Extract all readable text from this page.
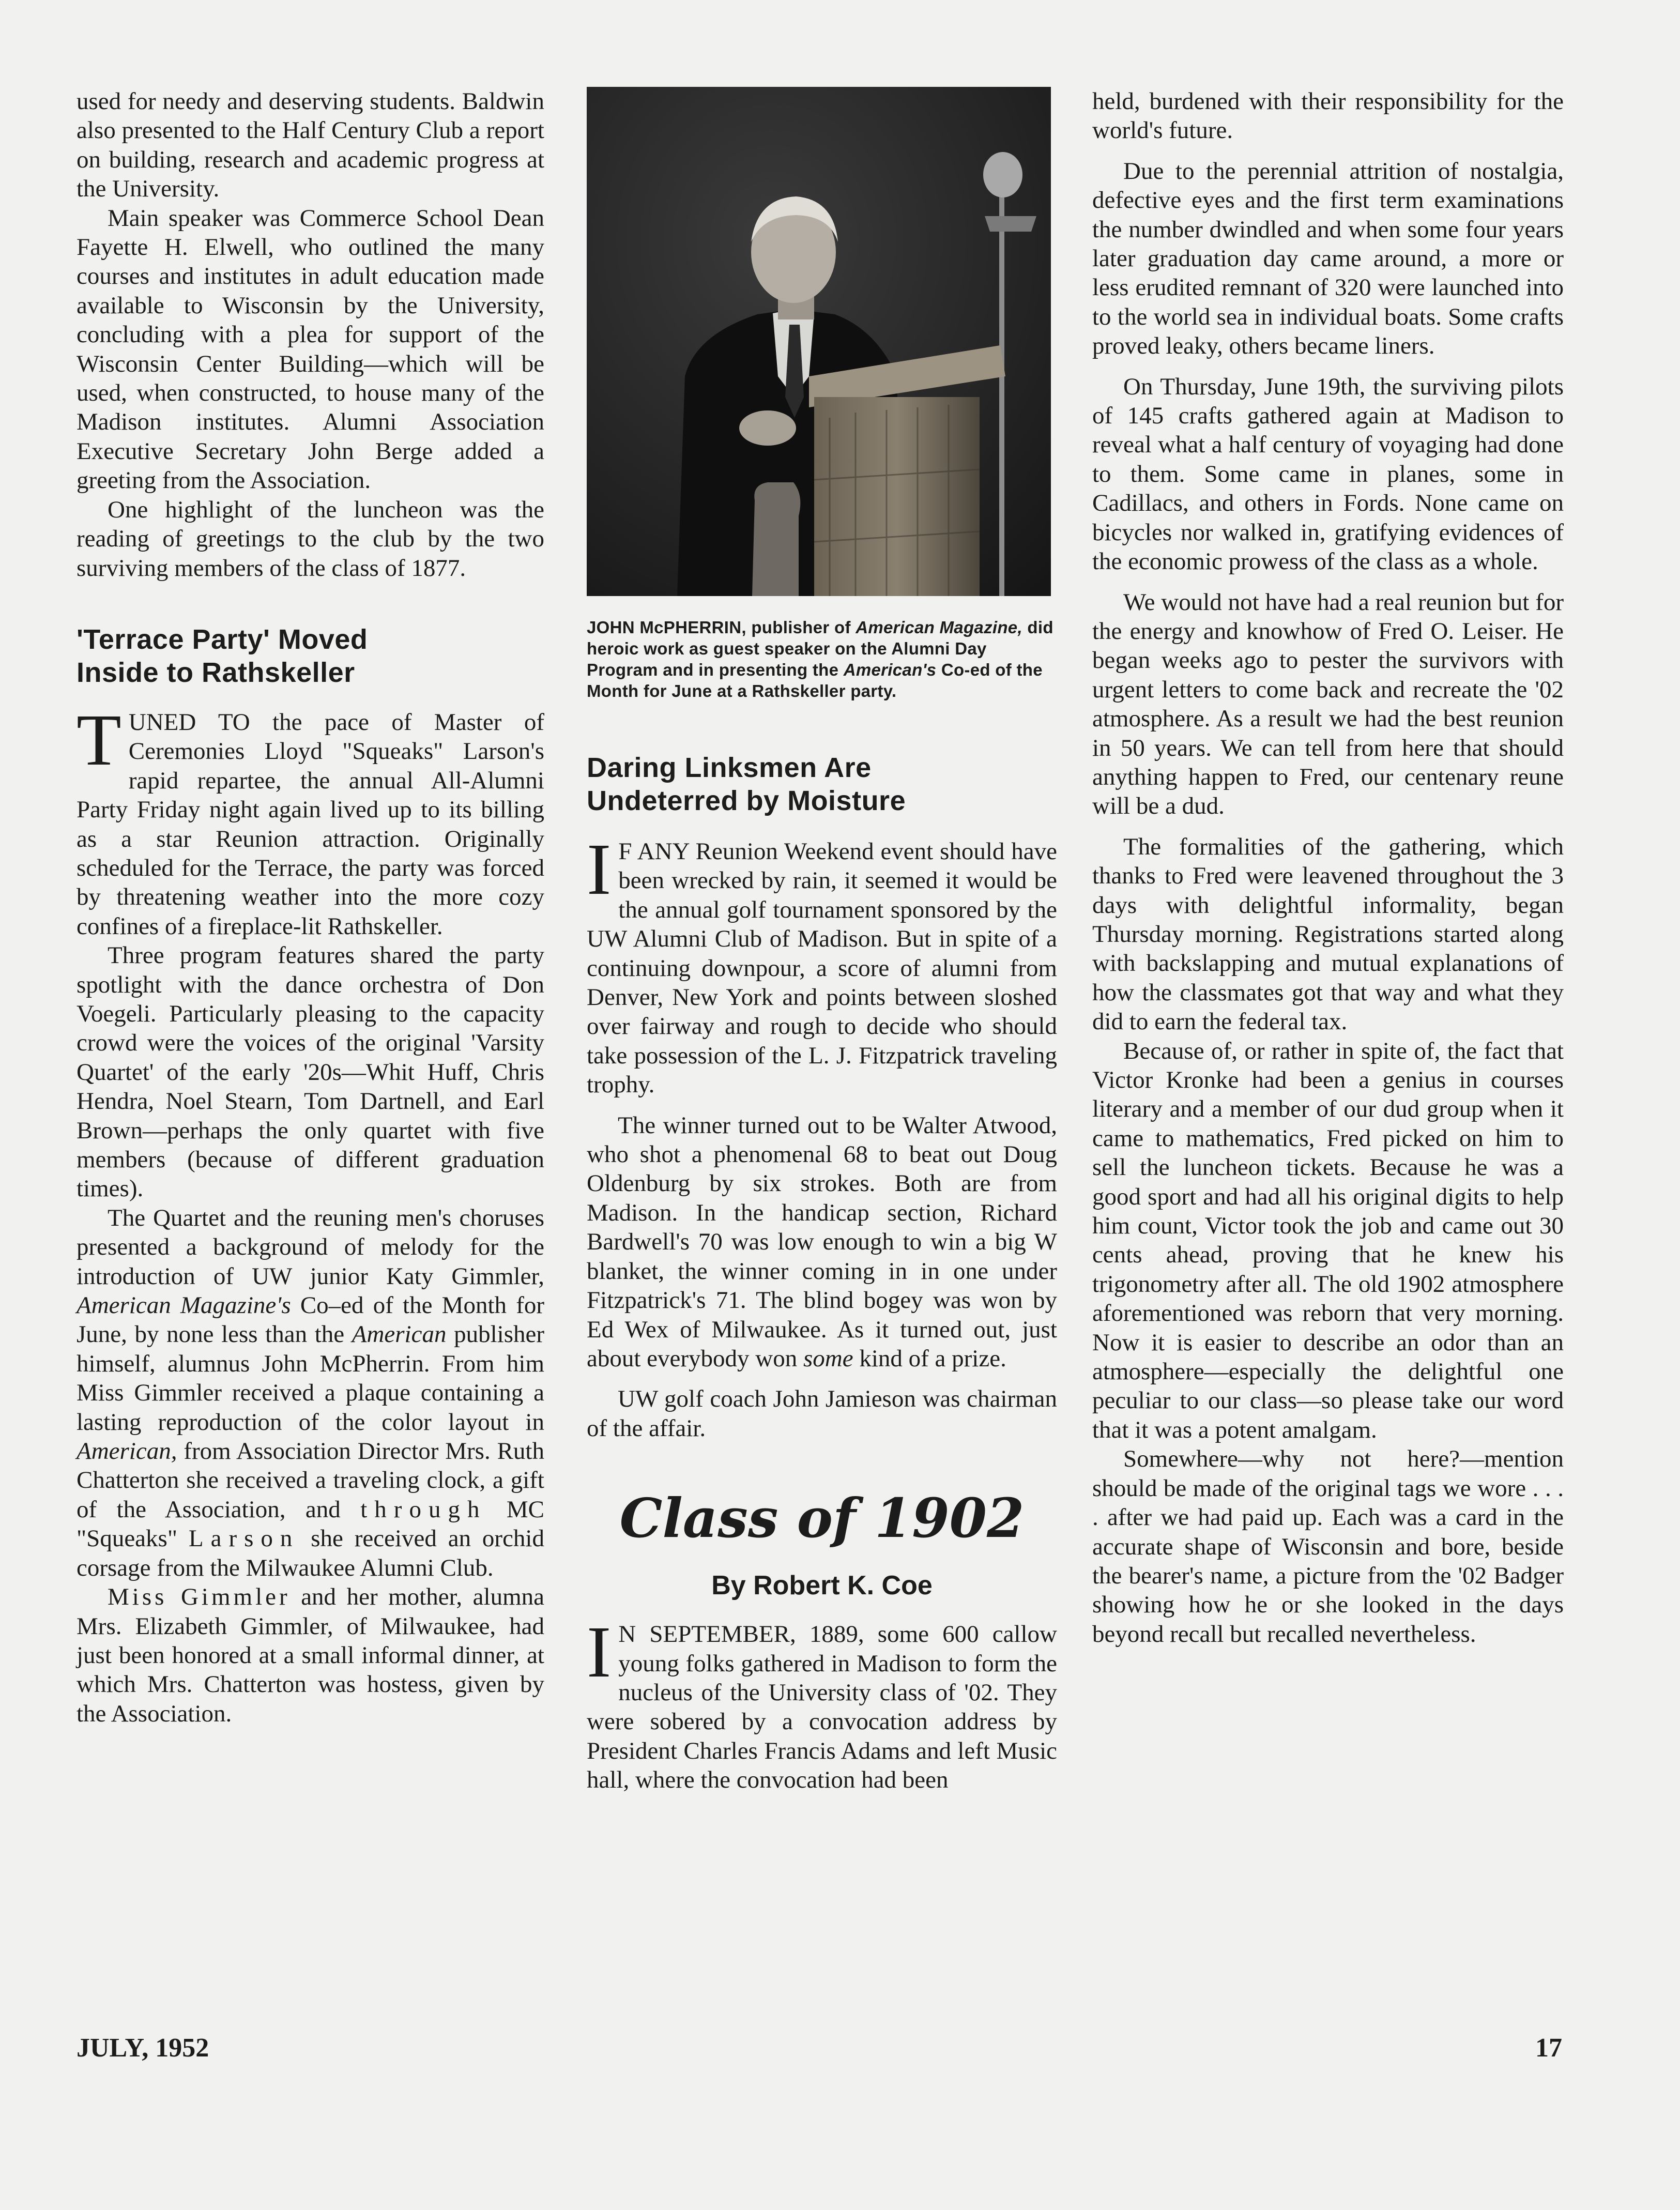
used for needy and deserving students. Baldwin also presented to the Half Century Club a report on building, research and academic progress at the University.

Main speaker was Commerce School Dean Fayette H. Elwell, who outlined the many courses and institutes in adult education made available to Wisconsin by the University, concluding with a plea for support of the Wisconsin Center Building—which will be used, when constructed, to house many of the Madison institutes. Alumni Association Executive Secretary John Berge added a greeting from the Association.

One highlight of the luncheon was the reading of greetings to the club by the two surviving members of the class of 1877.

'Terrace Party' Moved
Inside to Rathskeller

TUNED TO the pace of Master of Ceremonies Lloyd "Squeaks" Larson's rapid repartee, the annual All-Alumni Party Friday night again lived up to its billing as a star Reunion attraction. Originally scheduled for the Terrace, the party was forced by threatening weather into the more cozy confines of a fireplace-lit Rathskeller.

Three program features shared the party spotlight with the dance orchestra of Don Voegeli. Particularly pleasing to the capacity crowd were the voices of the original 'Varsity Quartet' of the early '20s—Whit Huff, Chris Hendra, Noel Stearn, Tom Dartnell, and Earl Brown—perhaps the only quartet with five members (because of different graduation times).

The Quartet and the reuning men's choruses presented a background of melody for the introduction of UW junior Katy Gimmler, American Magazine's Co–ed of the Month for June, by none less than the American publisher himself, alumnus John McPherrin. From him Miss Gimmler received a plaque containing a lasting reproduction of the color layout in American, from Association Director Mrs. Ruth Chatterton she received a traveling clock, a gift of the Association, and through MC "Squeaks" Larson she received an orchid corsage from the Milwaukee Alumni Club.

Miss Gimmler and her mother, alumna Mrs. Elizabeth Gimmler, of Milwaukee, had just been honored at a small informal dinner, at which Mrs. Chatterton was hostess, given by the Association.

JOHN McPHERRIN, publisher of American Magazine, did heroic work as guest speaker on the Alumni Day Program and in presenting the American's Co-ed of the Month for June at a Rathskeller party.
Daring Linksmen Are
Undeterred by Moisture

I F ANY Reunion Weekend event should have been wrecked by rain, it seemed it would be the annual golf tournament sponsored by the UW Alumni Club of Madison. But in spite of a continuing downpour, a score of alumni from Denver, New York and points between sloshed over fairway and rough to decide who should take possession of the L. J. Fitzpatrick traveling trophy.

The winner turned out to be Walter Atwood, who shot a phenomenal 68 to beat out Doug Oldenburg by six strokes. Both are from Madison. In the handicap section, Richard Bardwell's 70 was low enough to win a big W blanket, the winner coming in in one under Fitzpatrick's 71. The blind bogey was won by Ed Wex of Milwaukee. As it turned out, just about everybody won some kind of a prize.

UW golf coach John Jamieson was chairman of the affair.

Class of 1902
By Robert K. Coe

I N SEPTEMBER, 1889, some 600 callow young folks gathered in Madison to form the nucleus of the University class of '02. They were sobered by a convocation address by President Charles Francis Adams and left Music hall, where the convocation had been

held, burdened with their responsibility for the world's future.

Due to the perennial attrition of nostalgia, defective eyes and the first term examinations the number dwindled and when some four years later graduation day came around, a more or less erudited remnant of 320 were launched into to the world sea in individual boats. Some crafts proved leaky, others became liners.

On Thursday, June 19th, the surviving pilots of 145 crafts gathered again at Madison to reveal what a half century of voyaging had done to them. Some came in planes, some in Cadillacs, and others in Fords. None came on bicycles nor walked in, gratifying evidences of the economic prowess of the class as a whole.

We would not have had a real reunion but for the energy and knowhow of Fred O. Leiser. He began weeks ago to pester the survivors with urgent letters to come back and recreate the '02 atmosphere. As a result we had the best reunion in 50 years. We can tell from here that should anything happen to Fred, our centenary reune will be a dud.

The formalities of the gathering, which thanks to Fred were leavened throughout the 3 days with delightful informality, began Thursday morning. Registrations started along with backslapping and mutual explanations of how the classmates got that way and what they did to earn the federal tax.

Because of, or rather in spite of, the fact that Victor Kronke had been a genius in courses literary and a member of our dud group when it came to mathematics, Fred picked on him to sell the luncheon tickets. Because he was a good sport and had all his original digits to help him count, Victor took the job and came out 30 cents ahead, proving that he knew his trigonometry after all. The old 1902 atmosphere aforementioned was reborn that very morning. Now it is easier to describe an odor than an atmosphere—especially the delightful one peculiar to our class—so please take our word that it was a potent amalgam.

Somewhere—why not here?—mention should be made of the original tags we wore . . . . after we had paid up. Each was a card in the accurate shape of Wisconsin and bore, beside the bearer's name, a picture from the '02 Badger showing how he or she looked in the days beyond recall but recalled nevertheless.

JULY, 1952	17
